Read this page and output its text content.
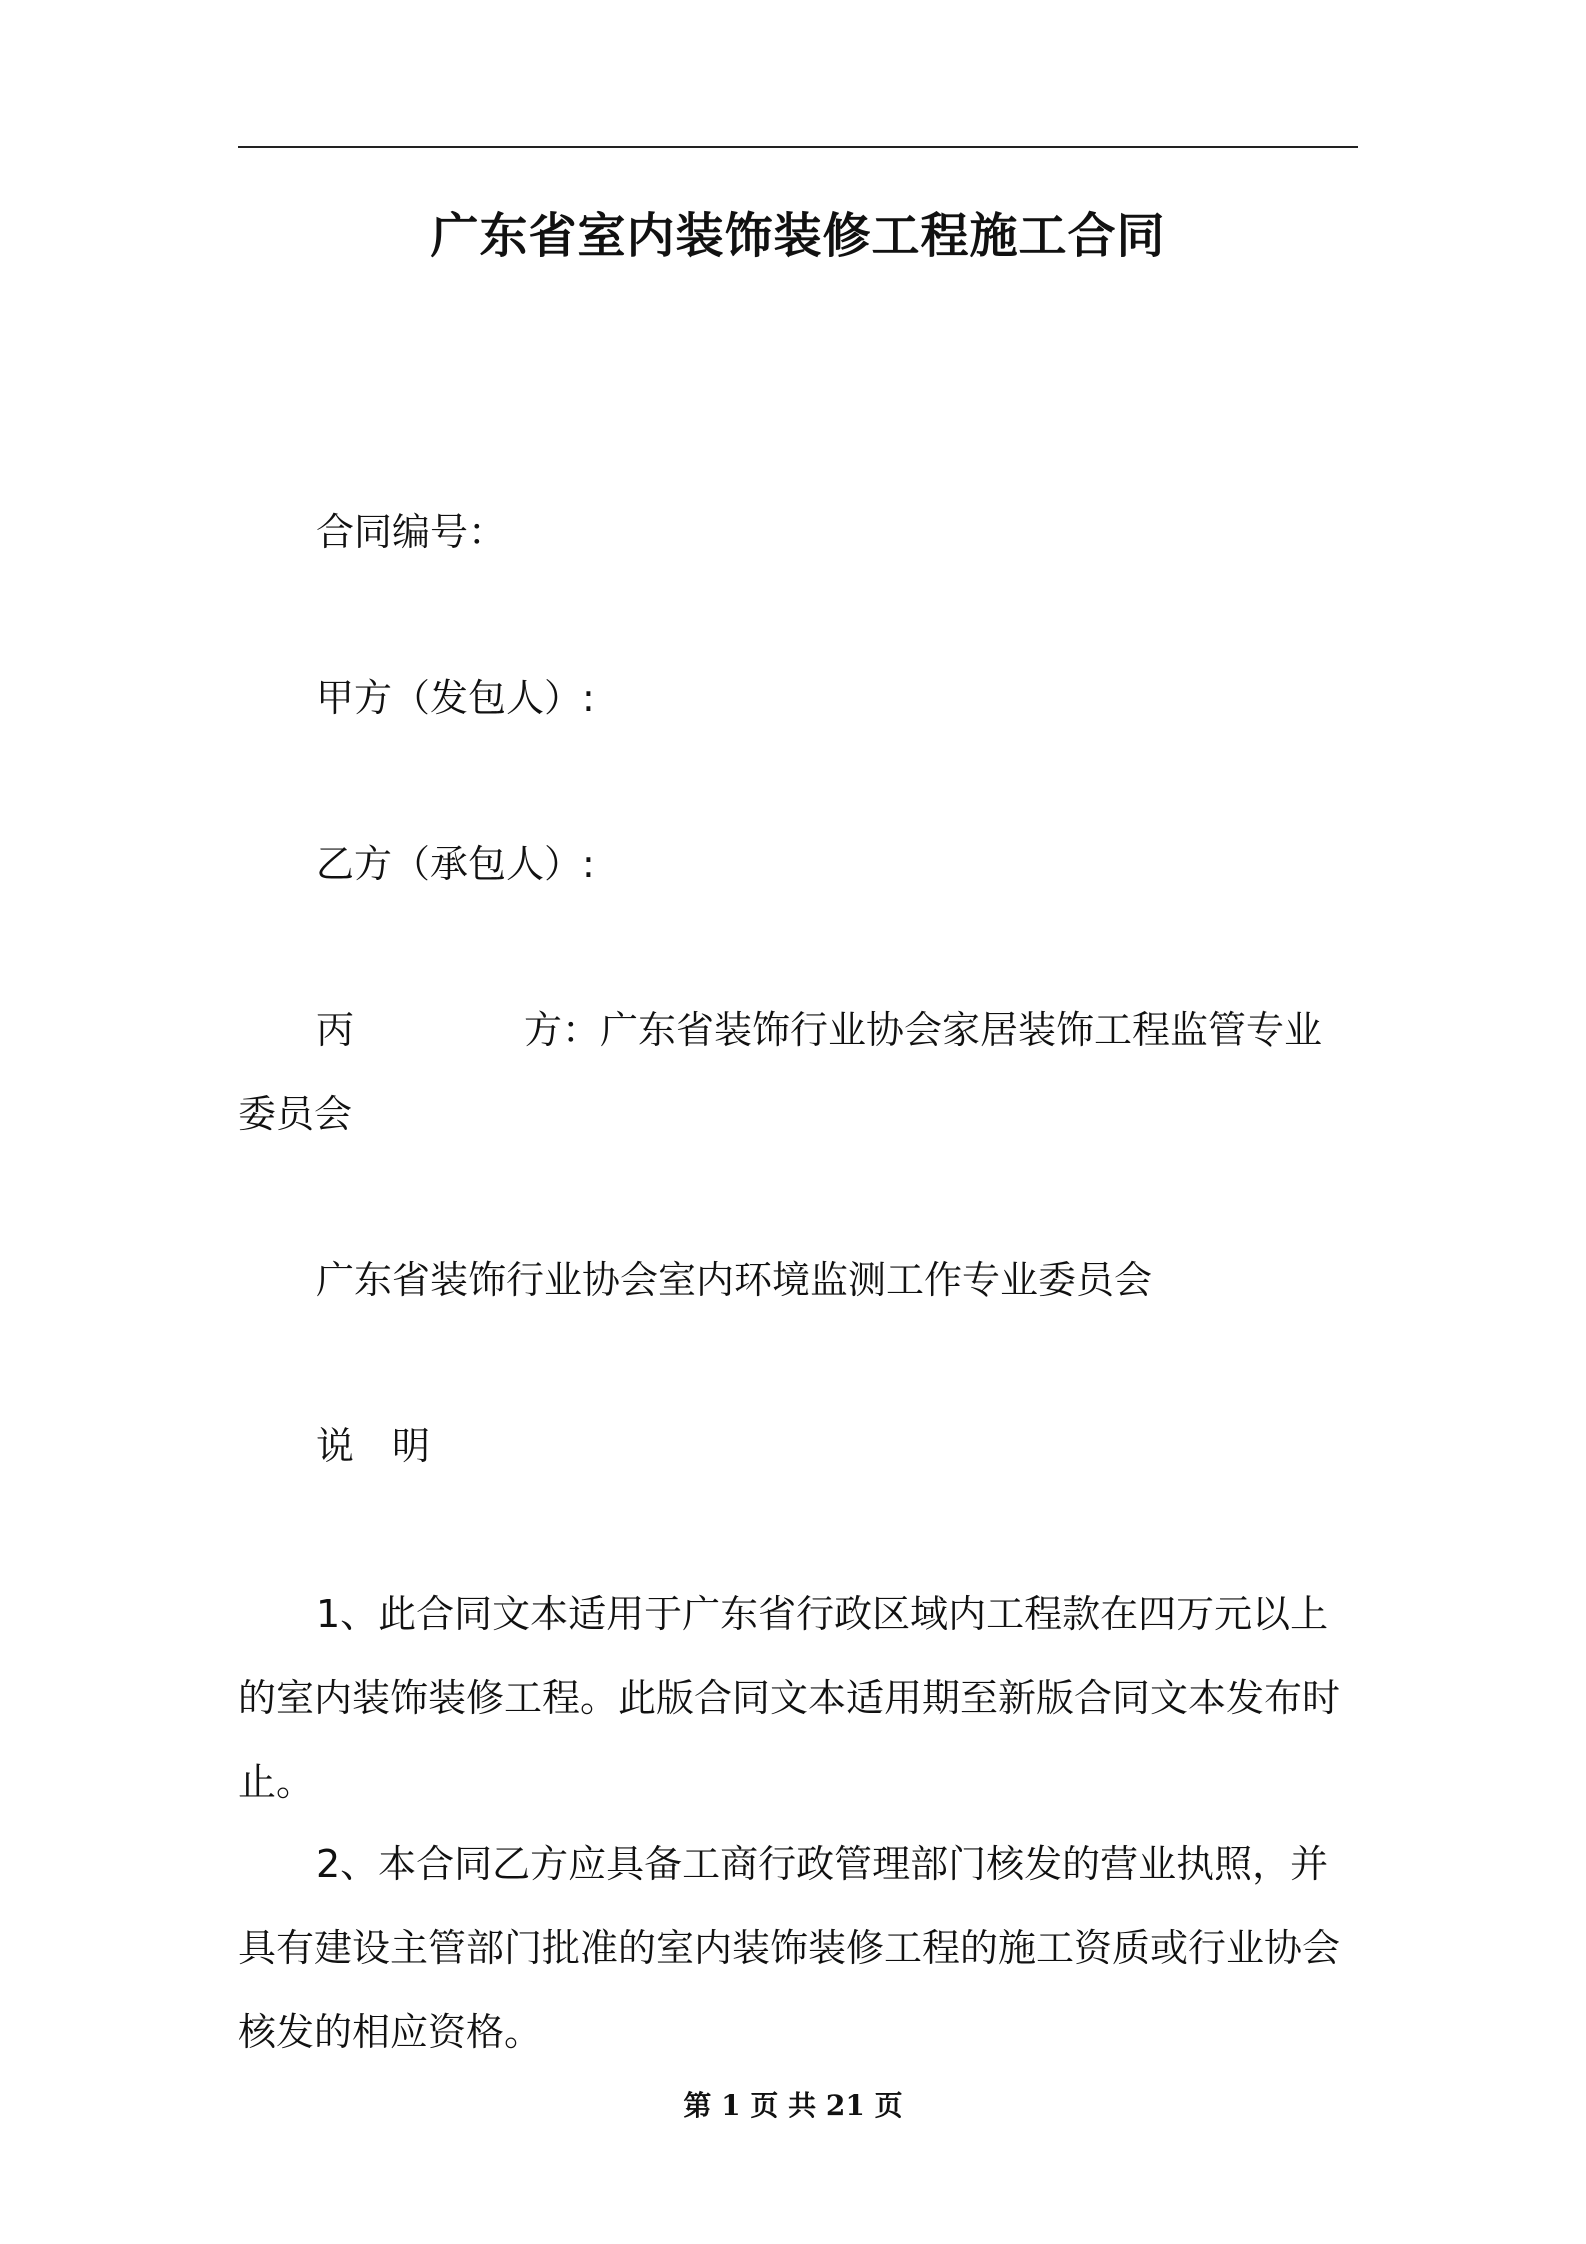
广东省室内装饰装修工程施工合同
合同编号：
甲方（发包人）:
乙方（承包人）:
丙	方：广东省装饰行业协会家居装饰工程监管专业委员会
广东省装饰行业协会室内环境监测工作专业委员会
说　明
1、此合同文本适用于广东省行政区域内工程款在四万元以上的室内装饰装修工程。此版合同文本适用期至新版合同文本发布时止。
2、本合同乙方应具备工商行政管理部门核发的营业执照，并具有建设主管部门批准的室内装饰装修工程的施工资质或行业协会核发的相应资格。
第 1 页 共 21 页
